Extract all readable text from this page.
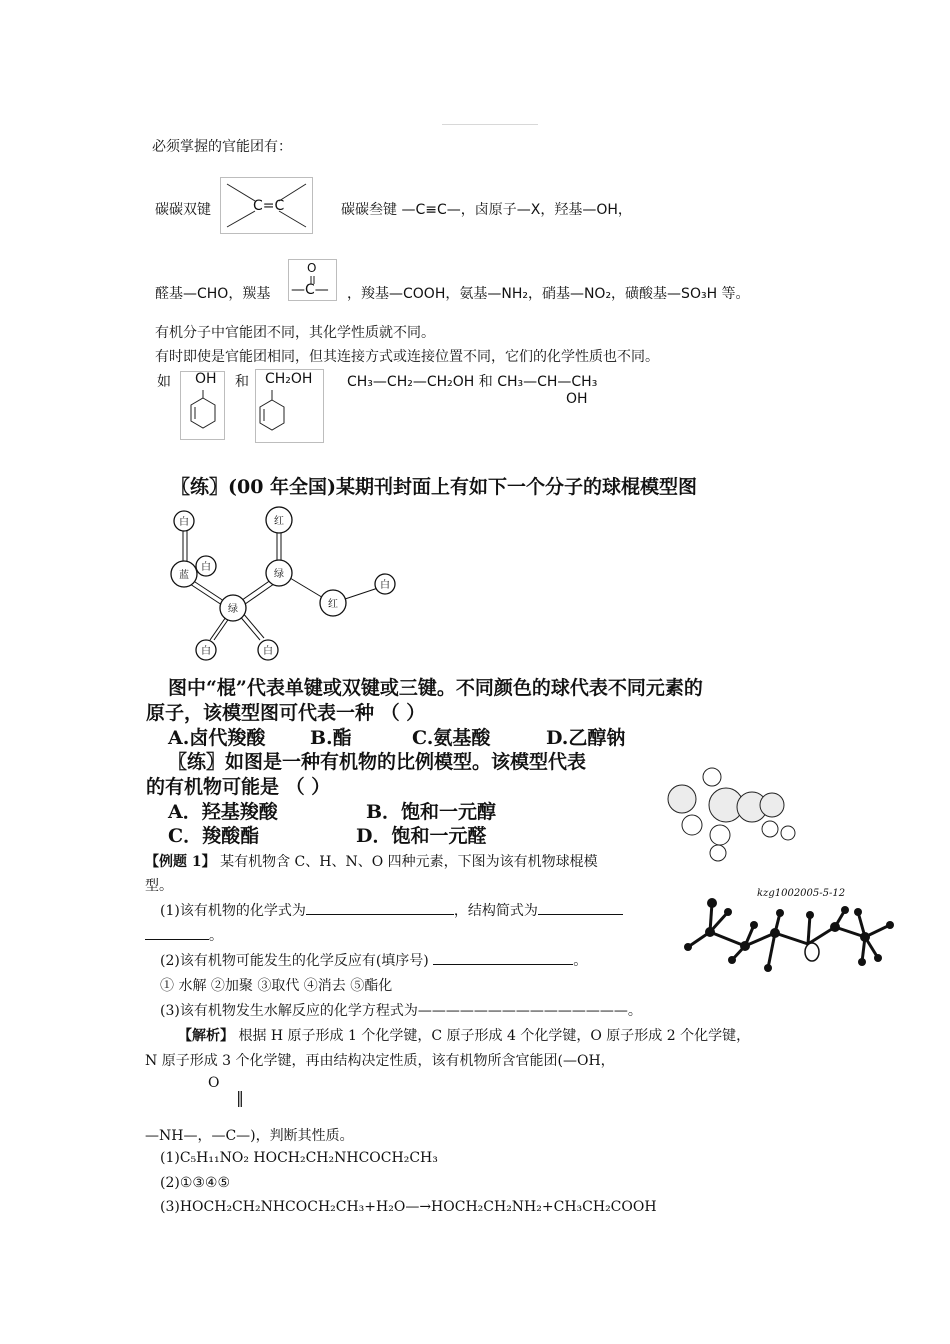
必须掌握的官能团有：
碳碳双键	C=C	碳碳叁键 —C≡C—，卤原子—X，羟基—OH，
醛基—CHO，羰基
O
—C— ，羧基—COOH，氨基—NH₂，硝基—NO₂，磺酸基—SO₃H 等。
有机分子中官能团不同，其化学性质就不同。
有时即使是官能团相同，但其连接方式或连接位置不同，它们的化学性质也不同。
如 OH 和 CH₂OH CH₃—CH₂—CH₂OH 和 CH₃—CH—CH₃
OH
〖练〗(00 年全国)某期刊封面上有如下一个分子的球棍模型图
白
白
蓝
绿
白	白
红
绿
红
白
图中“棍”代表单键或双键或三键。不同颜色的球代表不同元素的
原子，该模型图可代表一种 （ ）
A.卤代羧酸 B.酯	C.氨基酸	D.乙醇钠
〖练〗如图是一种有机物的比例模型。该模型代表
的有机物可能是 （ ）
A．羟基羧酸	B．饱和一元醇
C．羧酸酯	D．饱和一元醛
【例题 1】 某有机物含 C、H、N、O 四种元素，下图为该有机物球棍模
型。
(1)该有机物的化学式为	，结构简式为
。
(2)该有机物可能发生的化学反应有(填序号)	。
① 水解 ②加聚 ③取代 ④消去 ⑤酯化
(3)该有机物发生水解反应的化学方程式为———————————————。
kzg1002005-5-12
【解析】 根据 H 原子形成 1 个化学键，C 原子形成 4 个化学键，O 原子形成 2 个化学键，
N 原子形成 3 个化学键，再由结构决定性质，该有机物所含官能团(—OH，
O
‖
—NH—，—C—)，判断其性质。
(1)C₅H₁₁NO₂ HOCH₂CH₂NHCOCH₂CH₃
(2)①③④⑤
(3)HOCH₂CH₂NHCOCH₂CH₃+H₂O—→HOCH₂CH₂NH₂+CH₃CH₂COOH
